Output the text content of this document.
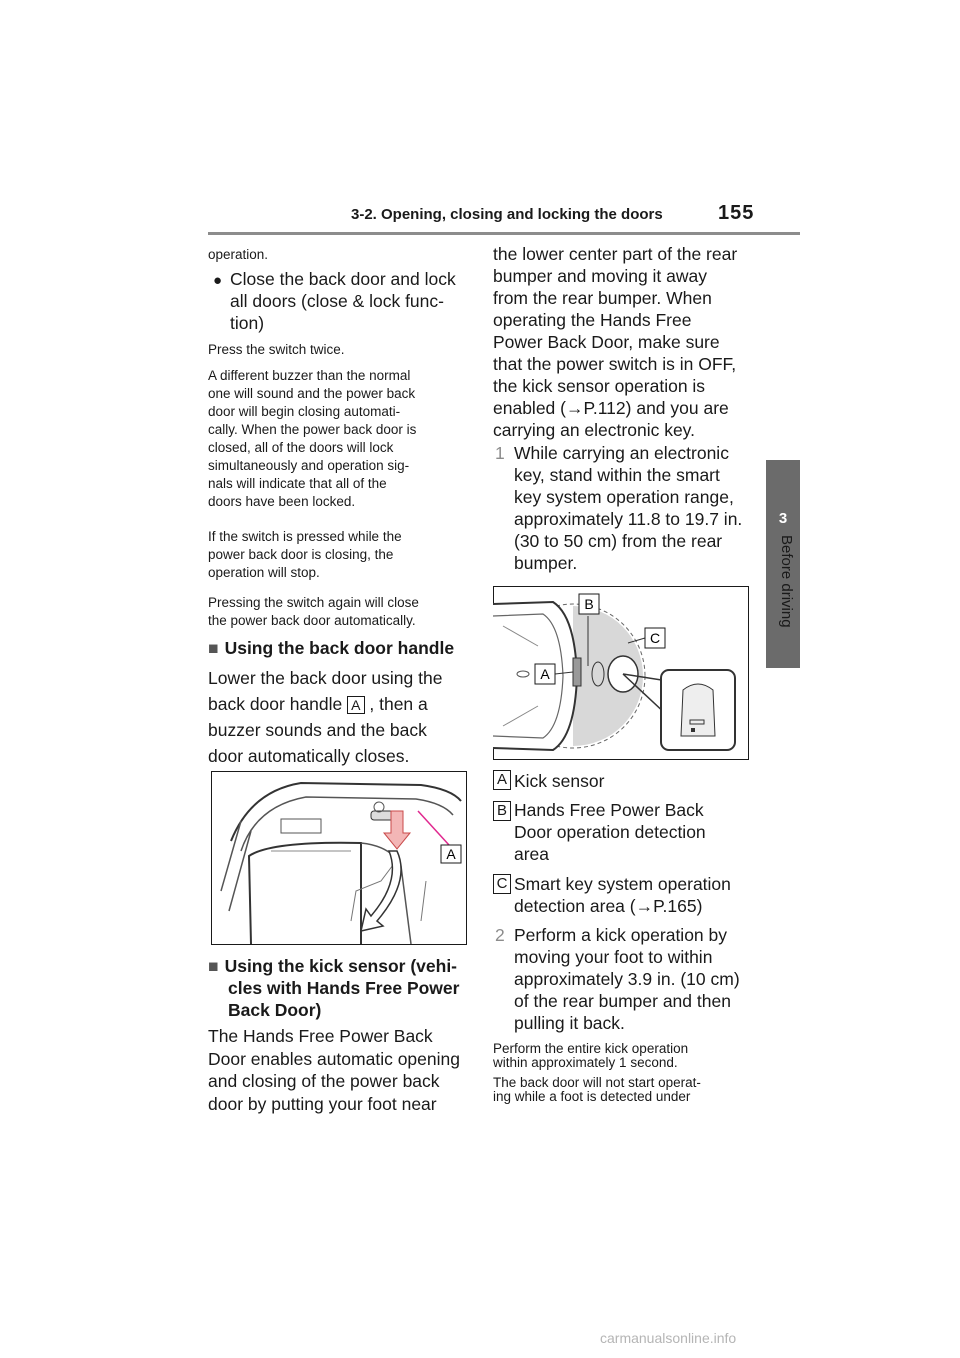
3-2. Opening, closing and locking the doors	155
3
Before driving
operation.
● Close the back door and lock
all doors (close & lock func-
tion)
Press the switch twice.
A different buzzer than the normal
one will sound and the power back
door will begin closing automati-
cally. When the power back door is
closed, all of the doors will lock
simultaneously and operation sig-
nals will indicate that all of the
doors have been locked.
If the switch is pressed while the
power back door is closing, the
operation will stop.
Pressing the switch again will close
the power back door automatically.
■ Using the back door handle
Lower the back door using the
back door handle A , then a
buzzer sounds and the back
door automatically closes.
A
■ Using the kick sensor (vehi-
cles with Hands Free Power
Back Door)
The Hands Free Power Back
Door enables automatic opening
and closing of the power back
door by putting your foot near
the lower center part of the rear
bumper and moving it away
from the rear bumper. When
operating the Hands Free
Power Back Door, make sure
that the power switch is in OFF,
the kick sensor operation is
enabled (→P.112) and you are
carrying an electronic key.
1 While carrying an electronic
key, stand within the smart
key system operation range,
approximately 11.8 to 19.7 in.
(30 to 50 cm) from the rear
bumper.
B
C
A
A Kick sensor
B Hands Free Power Back
Door operation detection
area
C Smart key system operation
detection area (→P.165)
2 Perform a kick operation by
moving your foot to within
approximately 3.9 in. (10 cm)
of the rear bumper and then
pulling it back.
Perform the entire kick operation
within approximately 1 second.
The back door will not start operat-
ing while a foot is detected under
carmanualsonline.info
